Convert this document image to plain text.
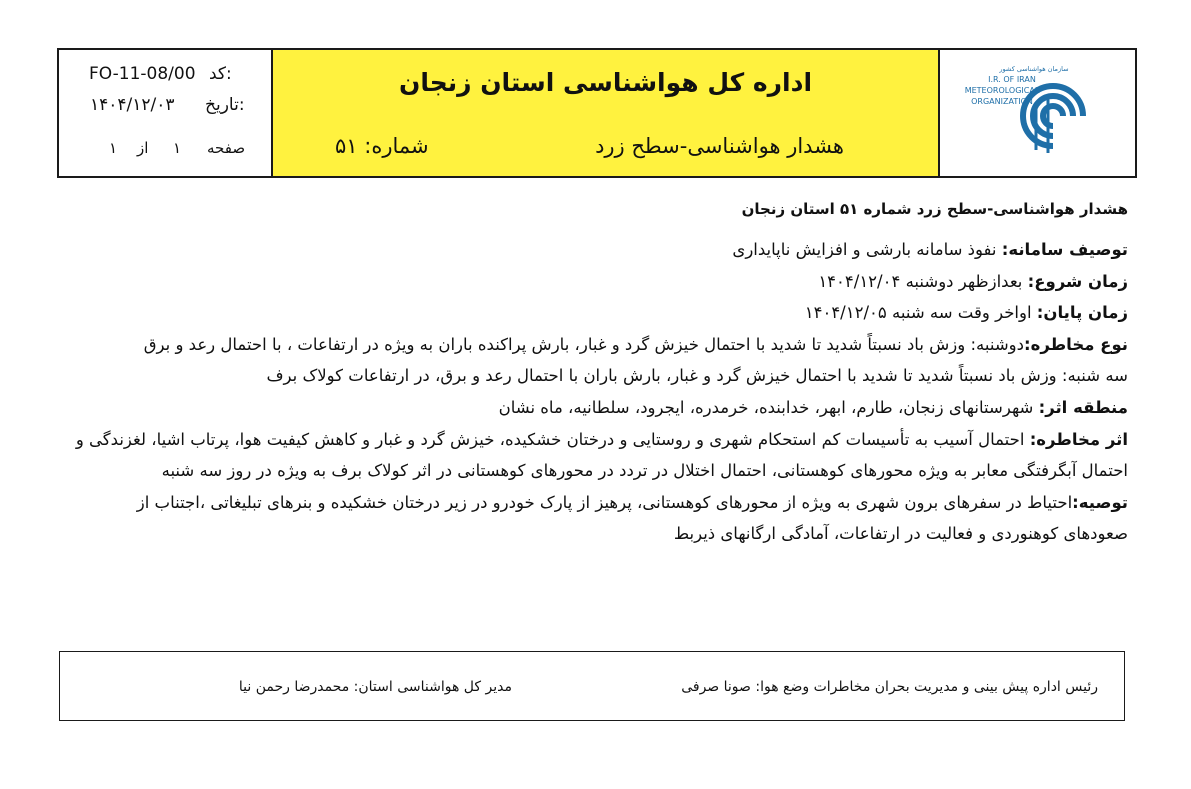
FO-11-08/00 کد:
۱۴۰۴/۱۲/۰۳ تاریخ:
۱ از ۱ صفحه
اداره کل هواشناسی استان زنجان
هشدار هواشناسی-سطح زرد
شماره: ۵۱
سازمان هواشناسی کشور
I.R. OF IRAN
METEOROLOGICAL
ORGANIZATION
هشدار هواشناسی-سطح زرد شماره ۵۱ استان زنجان

توصیف سامانه: نفوذ سامانه بارشی و افزایش ناپایداری

زمان شروع: بعدازظهر دوشنبه ۱۴۰۴/۱۲/۰۴

زمان پایان: اواخر وقت سه شنبه ۱۴۰۴/۱۲/۰۵

نوع مخاطره:دوشنبه: وزش باد نسبتاً شدید تا شدید با احتمال خیزش گرد و غبار، بارش پراکنده باران به ویژه در ارتفاعات ، با احتمال رعد و برق

سه شنبه: وزش باد نسبتاً شدید تا شدید با احتمال خیزش گرد و غبار، بارش باران با احتمال رعد و برق، در ارتفاعات کولاک برف

منطقه اثر: شهرستانهای زنجان، طارم، ابهر، خدابنده، خرمدره، ایجرود، سلطانیه، ماه نشان

اثر مخاطره: احتمال آسیب به تأسیسات کم استحکام شهری و روستایی و درختان خشکیده، خیزش گرد و غبار و کاهش کیفیت هوا، پرتاب اشیا، لغزندگی و احتمال آبگرفتگی معابر به ویژه محورهای کوهستانی، احتمال اختلال در تردد در محورهای کوهستانی در اثر کولاک برف به ویژه در روز سه شنبه

توصیه:احتیاط در سفرهای برون شهری به ویژه از محورهای کوهستانی، پرهیز از پارک خودرو در زیر درختان خشکیده و بنرهای تبلیغاتی ،اجتناب از صعودهای کوهنوردی و فعالیت در ارتفاعات، آمادگی ارگانهای ذیربط

رئیس اداره پیش بینی و مدیریت بحران مخاطرات وضع هوا: صونا صرفی
مدیر کل هواشناسی استان: محمدرضا رحمن نیا
